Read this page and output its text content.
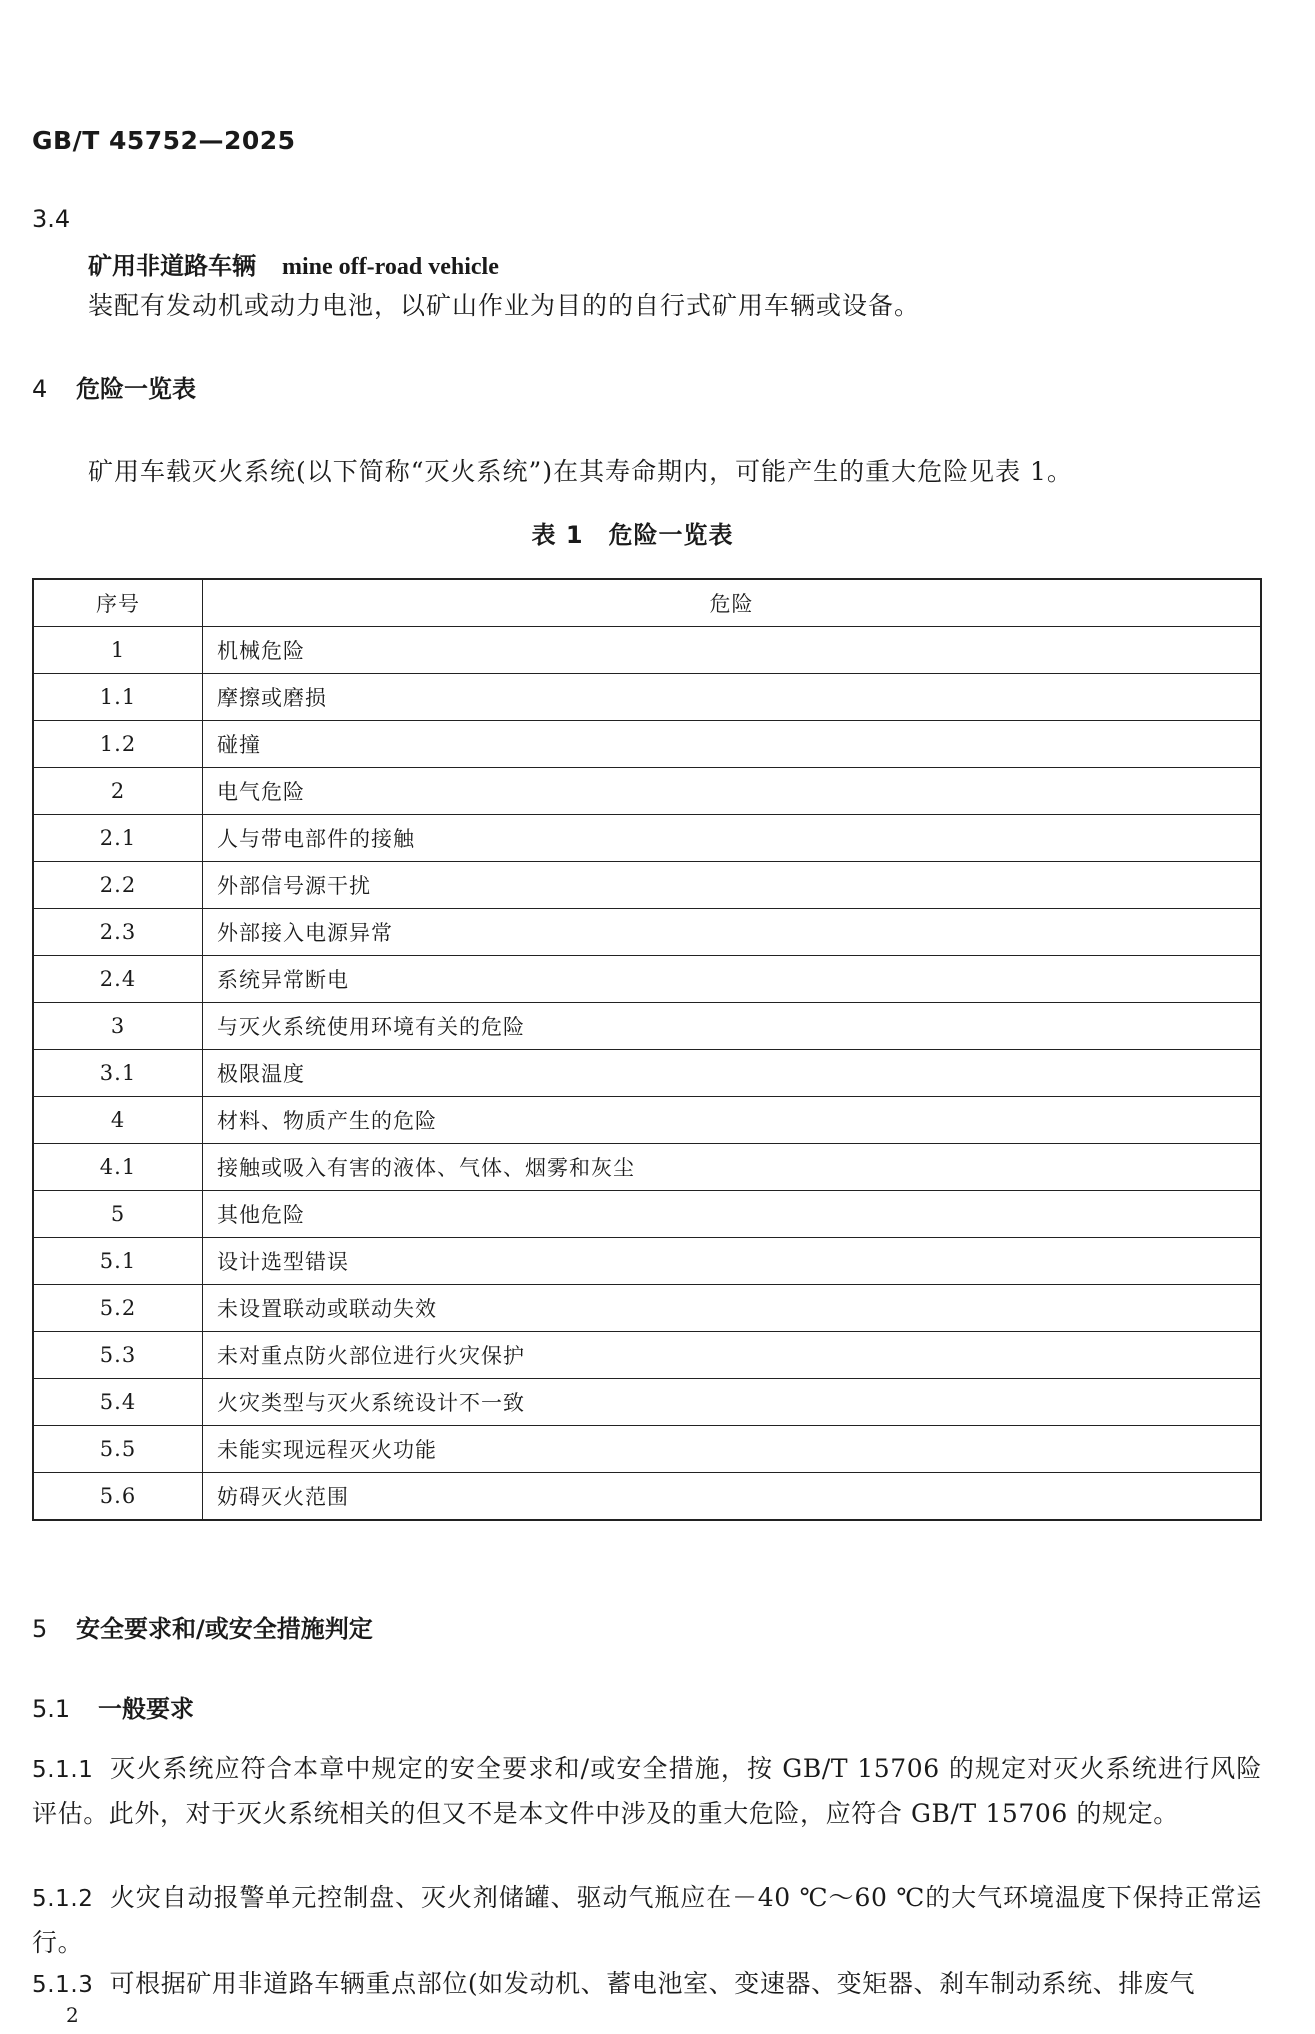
GB/T 45752—2025
3.4
矿用非道路车辆 mine off-road vehicle
装配有发动机或动力电池，以矿山作业为目的的自行式矿用车辆或设备。
4 危险一览表
矿用车载灭火系统(以下简称“灭火系统”)在其寿命期内，可能产生的重大危险见表 1。
表 1　危险一览表
序号	危险
1	机械危险
1.1	摩擦或磨损
1.2	碰撞
2	电气危险
2.1	人与带电部件的接触
2.2	外部信号源干扰
2.3	外部接入电源异常
2.4	系统异常断电
3	与灭火系统使用环境有关的危险
3.1	极限温度
4	材料、物质产生的危险
4.1	接触或吸入有害的液体、气体、烟雾和灰尘
5	其他危险
5.1	设计选型错误
5.2	未设置联动或联动失效
5.3	未对重点防火部位进行火灾保护
5.4	火灾类型与灭火系统设计不一致
5.5	未能实现远程灭火功能
5.6	妨碍灭火范围
5 安全要求和/或安全措施判定
5.1 一般要求
5.1.1 灭火系统应符合本章中规定的安全要求和/或安全措施，按 GB/T 15706 的规定对灭火系统进行风险评估。此外，对于灭火系统相关的但又不是本文件中涉及的重大危险，应符合 GB/T 15706 的规定。
5.1.2 火灾自动报警单元控制盘、灭火剂储罐、驱动气瓶应在－40 ℃～60 ℃的大气环境温度下保持正常运行。
5.1.3 可根据矿用非道路车辆重点部位(如发动机、蓄电池室、变速器、变矩器、刹车制动系统、排废气
2
